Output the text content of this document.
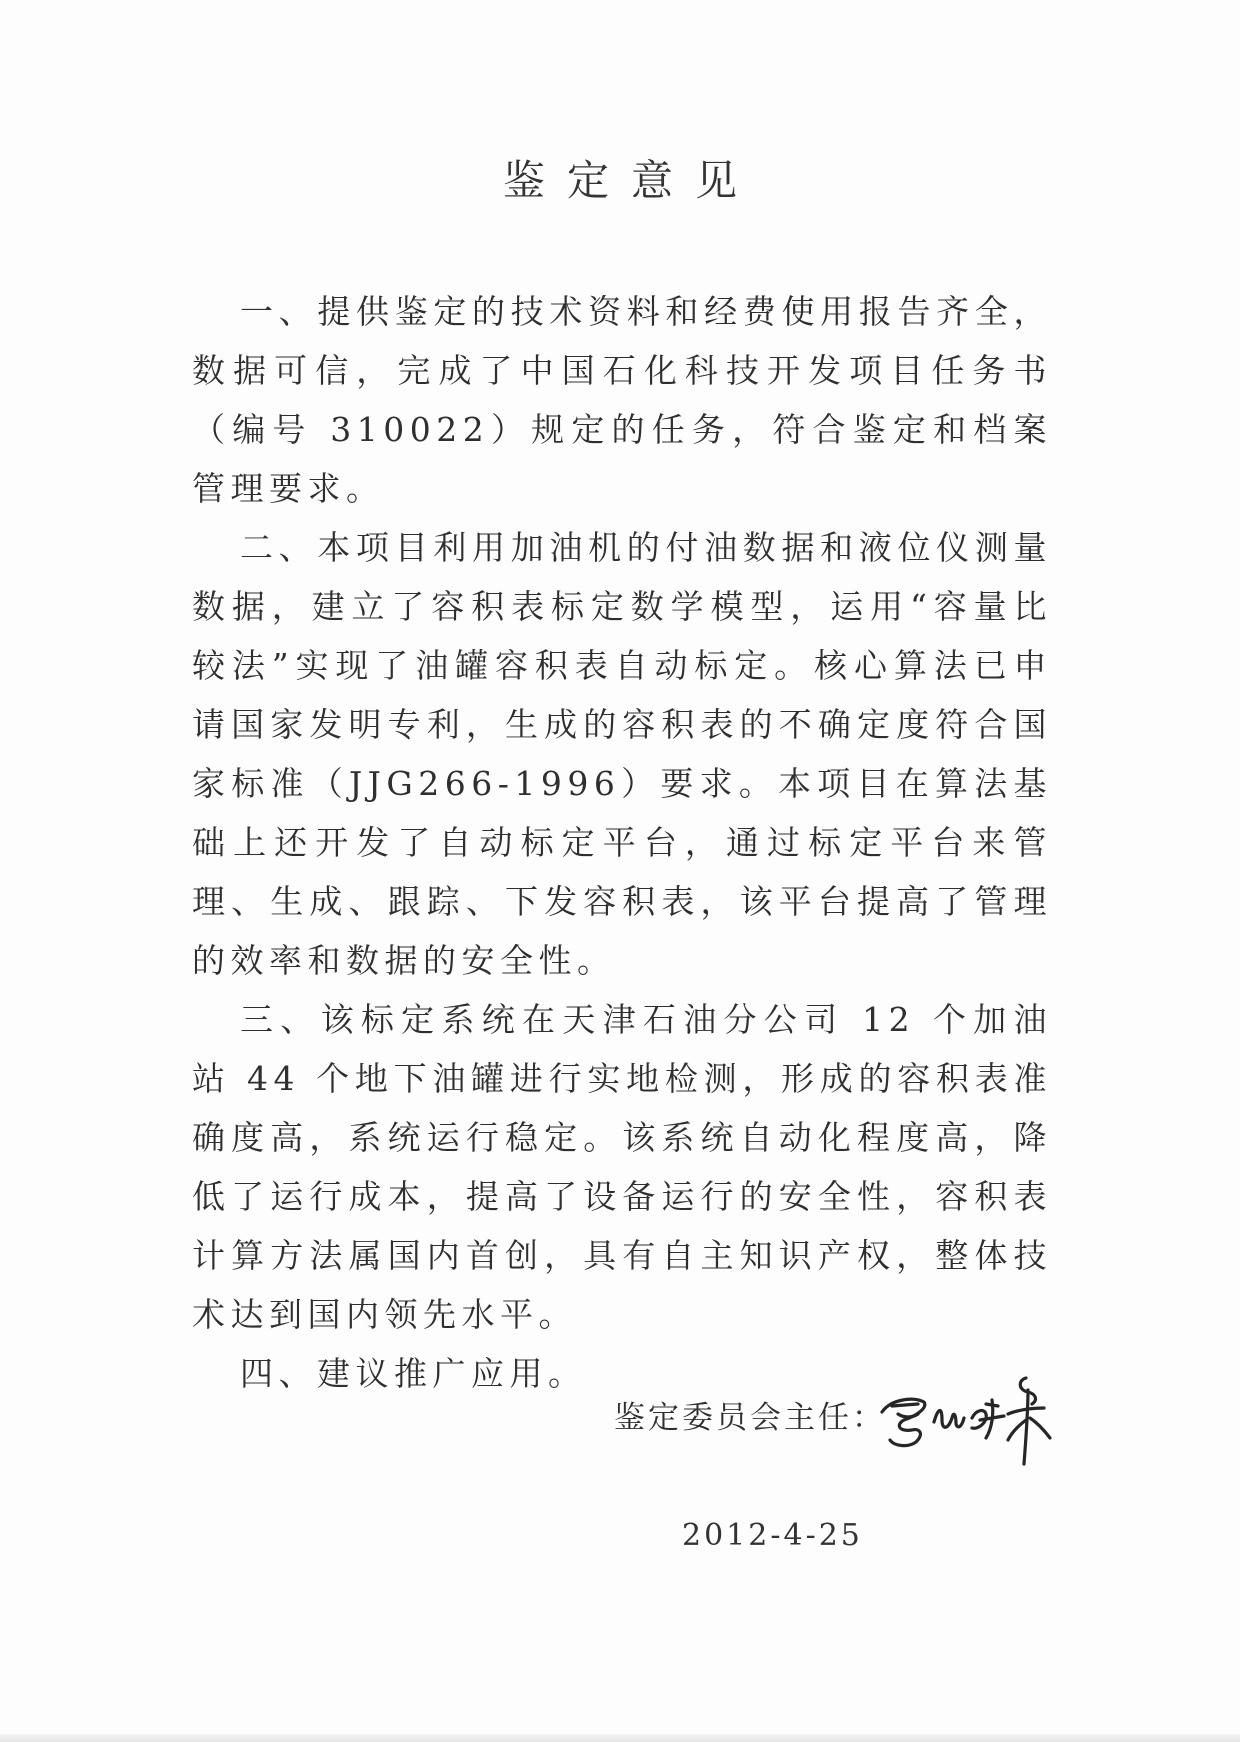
鉴定意见

一、提供鉴定的技术资料和经费使用报告齐全，数据可信，完成了中国石化科技开发项目任务书（编号 310022）规定的任务，符合鉴定和档案管理要求。

二、本项目利用加油机的付油数据和液位仪测量数据，建立了容积表标定数学模型，运用“容量比较法”实现了油罐容积表自动标定。核心算法已申请国家发明专利，生成的容积表的不确定度符合国家标准（JJG266-1996）要求。本项目在算法基础上还开发了自动标定平台，通过标定平台来管理、生成、跟踪、下发容积表，该平台提高了管理的效率和数据的安全性。

三、该标定系统在天津石油分公司 12 个加油站 44 个地下油罐进行实地检测，形成的容积表准确度高，系统运行稳定。该系统自动化程度高，降低了运行成本，提高了设备运行的安全性，容积表计算方法属国内首创，具有自主知识产权，整体技术达到国内领先水平。

四、建议推广应用。

鉴定委员会主任：
2012-4-25
